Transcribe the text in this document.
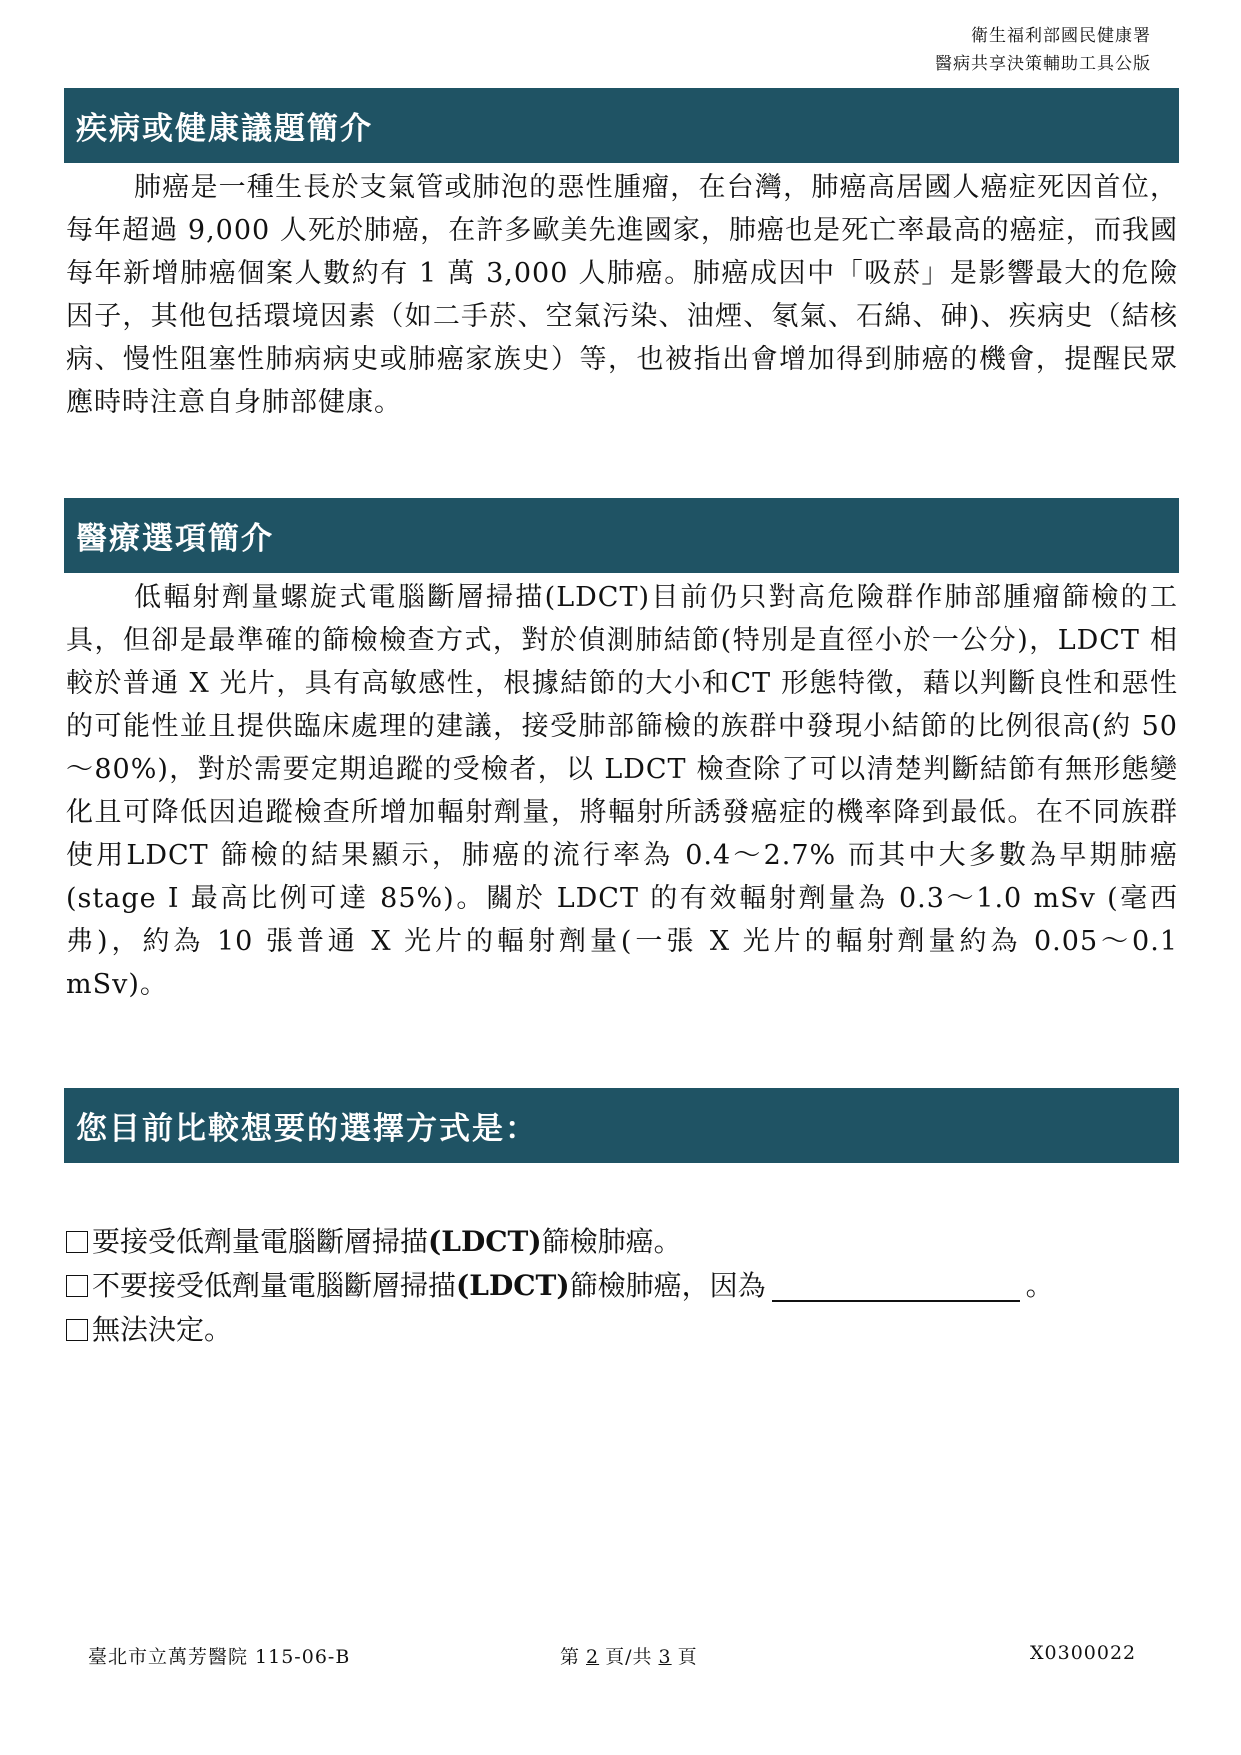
衛生福利部國民健康署
醫病共享決策輔助工具公版
疾病或健康議題簡介

肺癌是一種生長於支氣管或肺泡的惡性腫瘤，在台灣，肺癌高居國人癌症死因首位，每年超過 9,000 人死於肺癌，在許多歐美先進國家，肺癌也是死亡率最高的癌症，而我國每年新增肺癌個案人數約有 1 萬 3,000 人肺癌。肺癌成因中「吸菸」是影響最大的危險因子，其他包括環境因素（如二手菸、空氣污染、油煙、氡氣、石綿、砷)、疾病史（結核病、慢性阻塞性肺病病史或肺癌家族史）等，也被指出會增加得到肺癌的機會，提醒民眾應時時注意自身肺部健康。

醫療選項簡介

低輻射劑量螺旋式電腦斷層掃描(LDCT)目前仍只對高危險群作肺部腫瘤篩檢的工具，但卻是最準確的篩檢檢查方式，對於偵測肺結節(特別是直徑小於一公分)，LDCT 相較於普通 X 光片，具有高敏感性，根據結節的大小和CT 形態特徵，藉以判斷良性和惡性的可能性並且提供臨床處理的建議，接受肺部篩檢的族群中發現小結節的比例很高(約 50～80%)，對於需要定期追蹤的受檢者，以 LDCT 檢查除了可以清楚判斷結節有無形態變化且可降低因追蹤檢查所增加輻射劑量，將輻射所誘發癌症的機率降到最低。在不同族群使用LDCT 篩檢的結果顯示，肺癌的流行率為 0.4～2.7% 而其中大多數為早期肺癌(stage I 最高比例可達 85%)。關於 LDCT 的有效輻射劑量為 0.3～1.0 mSv (毫西弗)，約為 10 張普通 X 光片的輻射劑量(一張 X 光片的輻射劑量約為 0.05～0.1 mSv)。

您目前比較想要的選擇方式是：
要接受低劑量電腦斷層掃描 (LDCT) 篩檢肺癌。
不要接受低劑量電腦斷層掃描 (LDCT) 篩檢肺癌，因為	。
無法決定。
臺北市立萬芳醫院 115-06-B	第 2 頁/共 3 頁	X0300022
